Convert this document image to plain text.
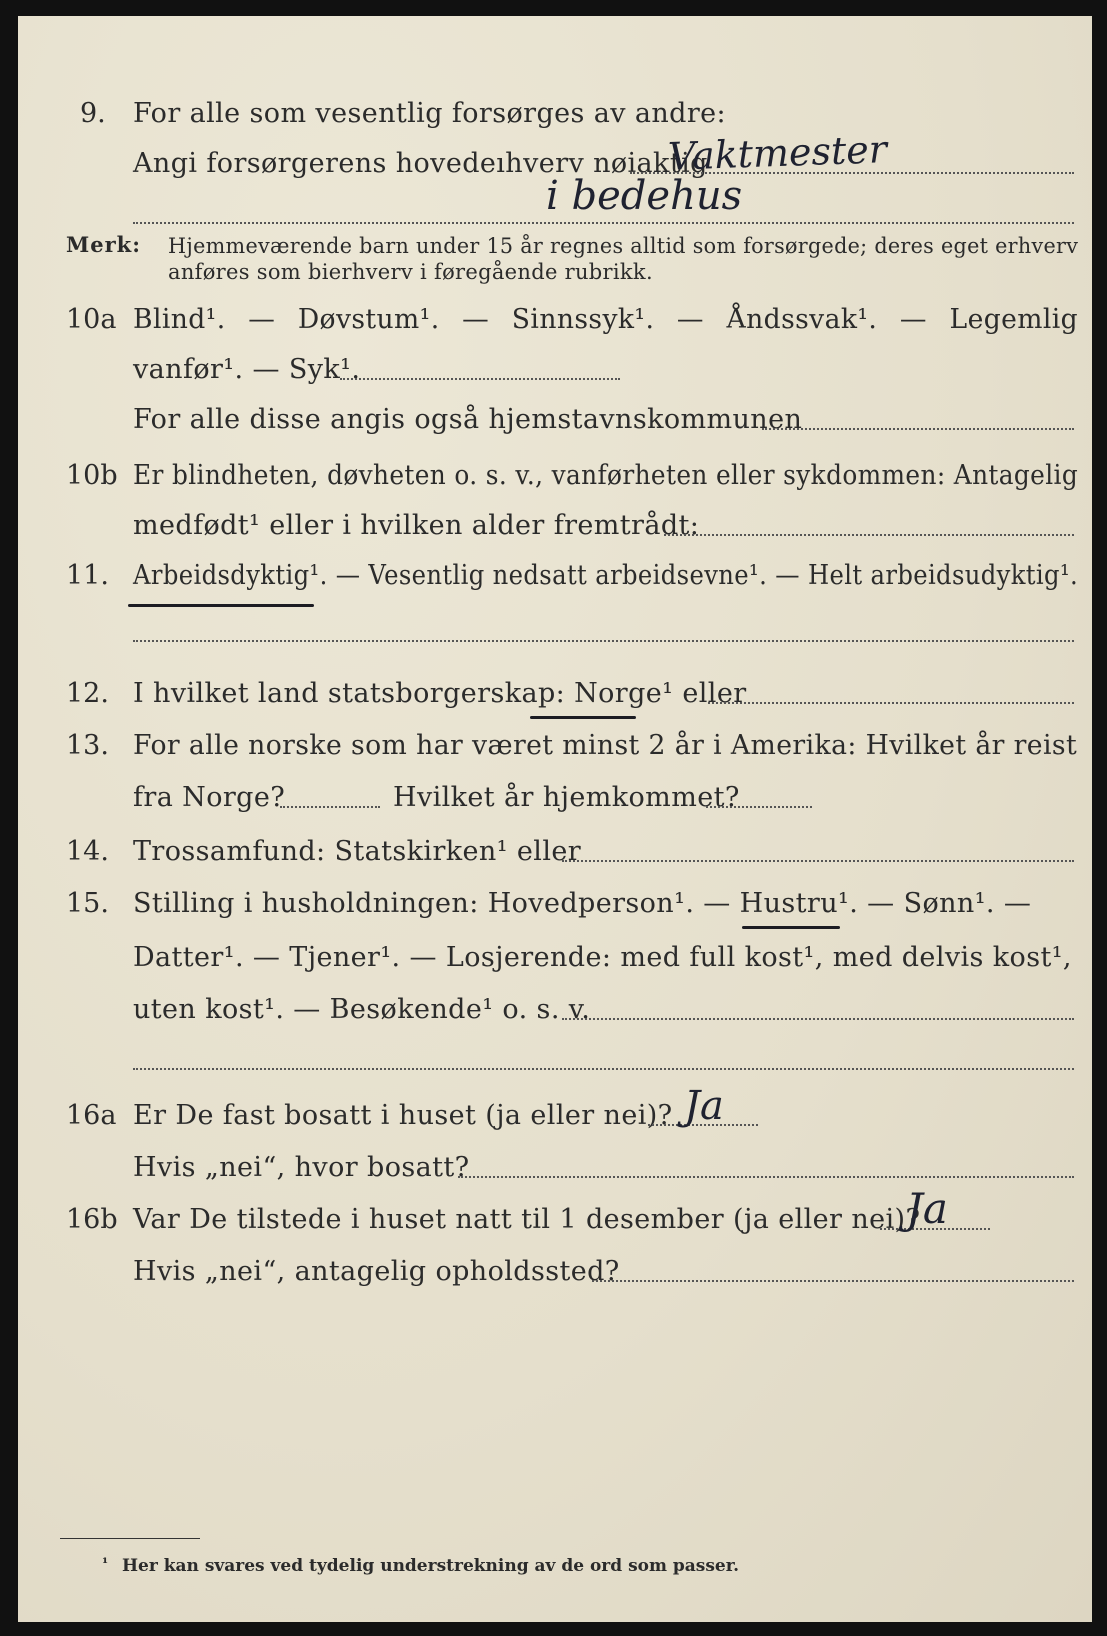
9. For alle som vesentlig forsørges av andre:
Angi forsørgerens hovedeıhverv nøiaktig
Vaktmester
i bedehus
Merk: Hjemmeværende barn under 15 år regnes alltid som forsørgede; deres eget erhverv
anføres som bierhverv i føregående rubrikk.
10a Blind¹. — Døvstum¹. — Sinnssyk¹. — Åndssvak¹. — Legemlig
vanfør¹. — Syk¹.
For alle disse angis også hjemstavnskommunen
10b Er blindheten, døvheten o. s. v., vanførheten eller sykdommen: Antagelig
medfødt¹ eller i hvilken alder fremtrådt:
11. Arbeidsdyktig¹. — Vesentlig nedsatt arbeidsevne¹. — Helt arbeidsudyktig¹.
12. I hvilket land statsborgerskap: Norge¹ eller
13. For alle norske som har været minst 2 år i Amerika: Hvilket år reist
fra Norge?	Hvilket år hjemkommet?
14. Trossamfund: Statskirken¹ eller
15. Stilling i husholdningen: Hovedperson¹. — Hustru¹. — Sønn¹. —
Datter¹. — Tjener¹. — Losjerende: med full kost¹, med delvis kost¹,
uten kost¹. — Besøkende¹ o. s. v.
16a Er De fast bosatt i huset (ja eller nei)? Ja
Hvis „nei“, hvor bosatt?
16b Var De tilstede i huset natt til 1 desember (ja eller nei)?
Ja
Hvis „nei“, antagelig opholdssted?
¹ Her kan svares ved tydelig understrekning av de ord som passer.
